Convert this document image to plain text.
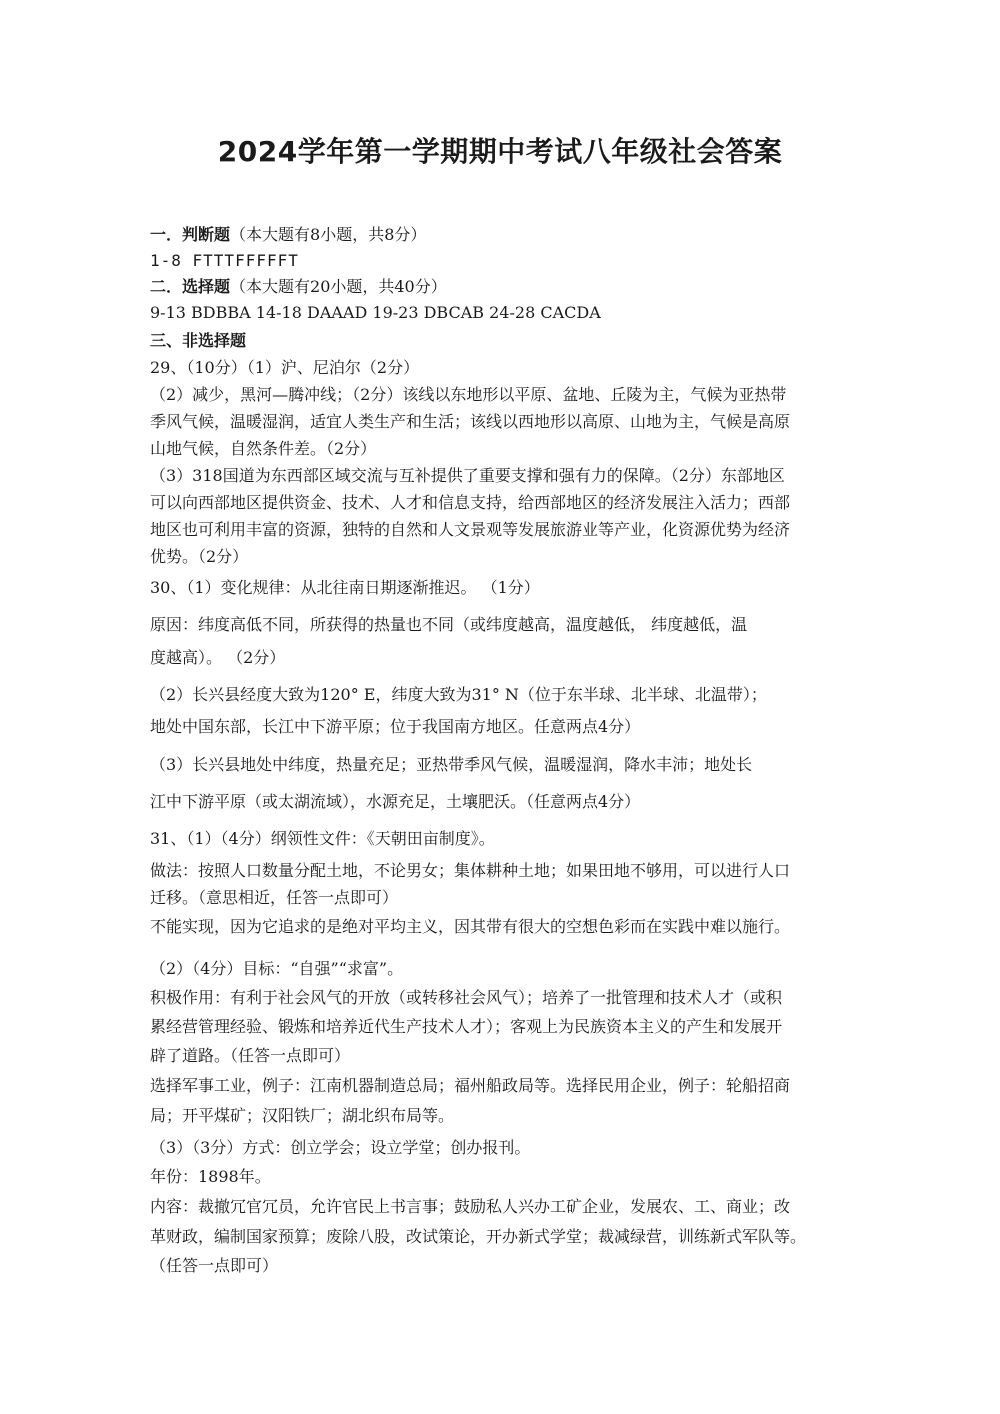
2024学年第一学期期中考试八年级社会答案
一．判断题（本大题有8小题，共8分）
1-8 FTTTFFFFFT
二．选择题（本大题有20小题，共40分）
9-13 BDBBA 14-18 DAAAD 19-23 DBCAB 24-28 CACDA
三、非选择题
29、（10分）（1）沪、尼泊尔（2分）
（2）减少，黑河—腾冲线；（2分）该线以东地形以平原、盆地、丘陵为主，气候为亚热带
季风气候，温暖湿润，适宜人类生产和生活；该线以西地形以高原、山地为主，气候是高原
山地气候，自然条件差。（2分）
（3）318国道为东西部区域交流与互补提供了重要支撑和强有力的保障。（2分）东部地区
可以向西部地区提供资金、技术、人才和信息支持，给西部地区的经济发展注入活力；西部
地区也可利用丰富的资源，独特的自然和人文景观等发展旅游业等产业，化资源优势为经济
优势。（2分）
30、（1）变化规律：从北往南日期逐渐推迟。 （1分）
原因：纬度高低不同，所获得的热量也不同（或纬度越高，温度越低， 纬度越低，温
度越高）。 （2分）
（2）长兴县经度大致为120° E，纬度大致为31° N（位于东半球、北半球、北温带）；
地处中国东部，长江中下游平原；位于我国南方地区。任意两点4分）
（3）长兴县地处中纬度，热量充足；亚热带季风气候，温暖湿润，降水丰沛；地处长
江中下游平原（或太湖流域），水源充足，土壤肥沃。（任意两点4分）
31、（1）（4分）纲领性文件：《天朝田亩制度》。
做法：按照人口数量分配土地，不论男女；集体耕种土地；如果田地不够用，可以进行人口
迁移。（意思相近，任答一点即可）
不能实现，因为它追求的是绝对平均主义，因其带有很大的空想色彩而在实践中难以施行。
（2）（4分）目标：“自强”“求富”。
积极作用：有利于社会风气的开放（或转移社会风气）；培养了一批管理和技术人才（或积
累经营管理经验、锻炼和培养近代生产技术人才）；客观上为民族资本主义的产生和发展开
辟了道路。（任答一点即可）
选择军事工业，例子：江南机器制造总局；福州船政局等。选择民用企业，例子：轮船招商
局；开平煤矿；汉阳铁厂；湖北织布局等。
（3）（3分）方式：创立学会；设立学堂；创办报刊。
年份：1898年。
内容：裁撤冗官冗员，允许官民上书言事；鼓励私人兴办工矿企业，发展农、工、商业；改
革财政，编制国家预算；废除八股，改试策论，开办新式学堂；裁减绿营，训练新式军队等。
（任答一点即可）
